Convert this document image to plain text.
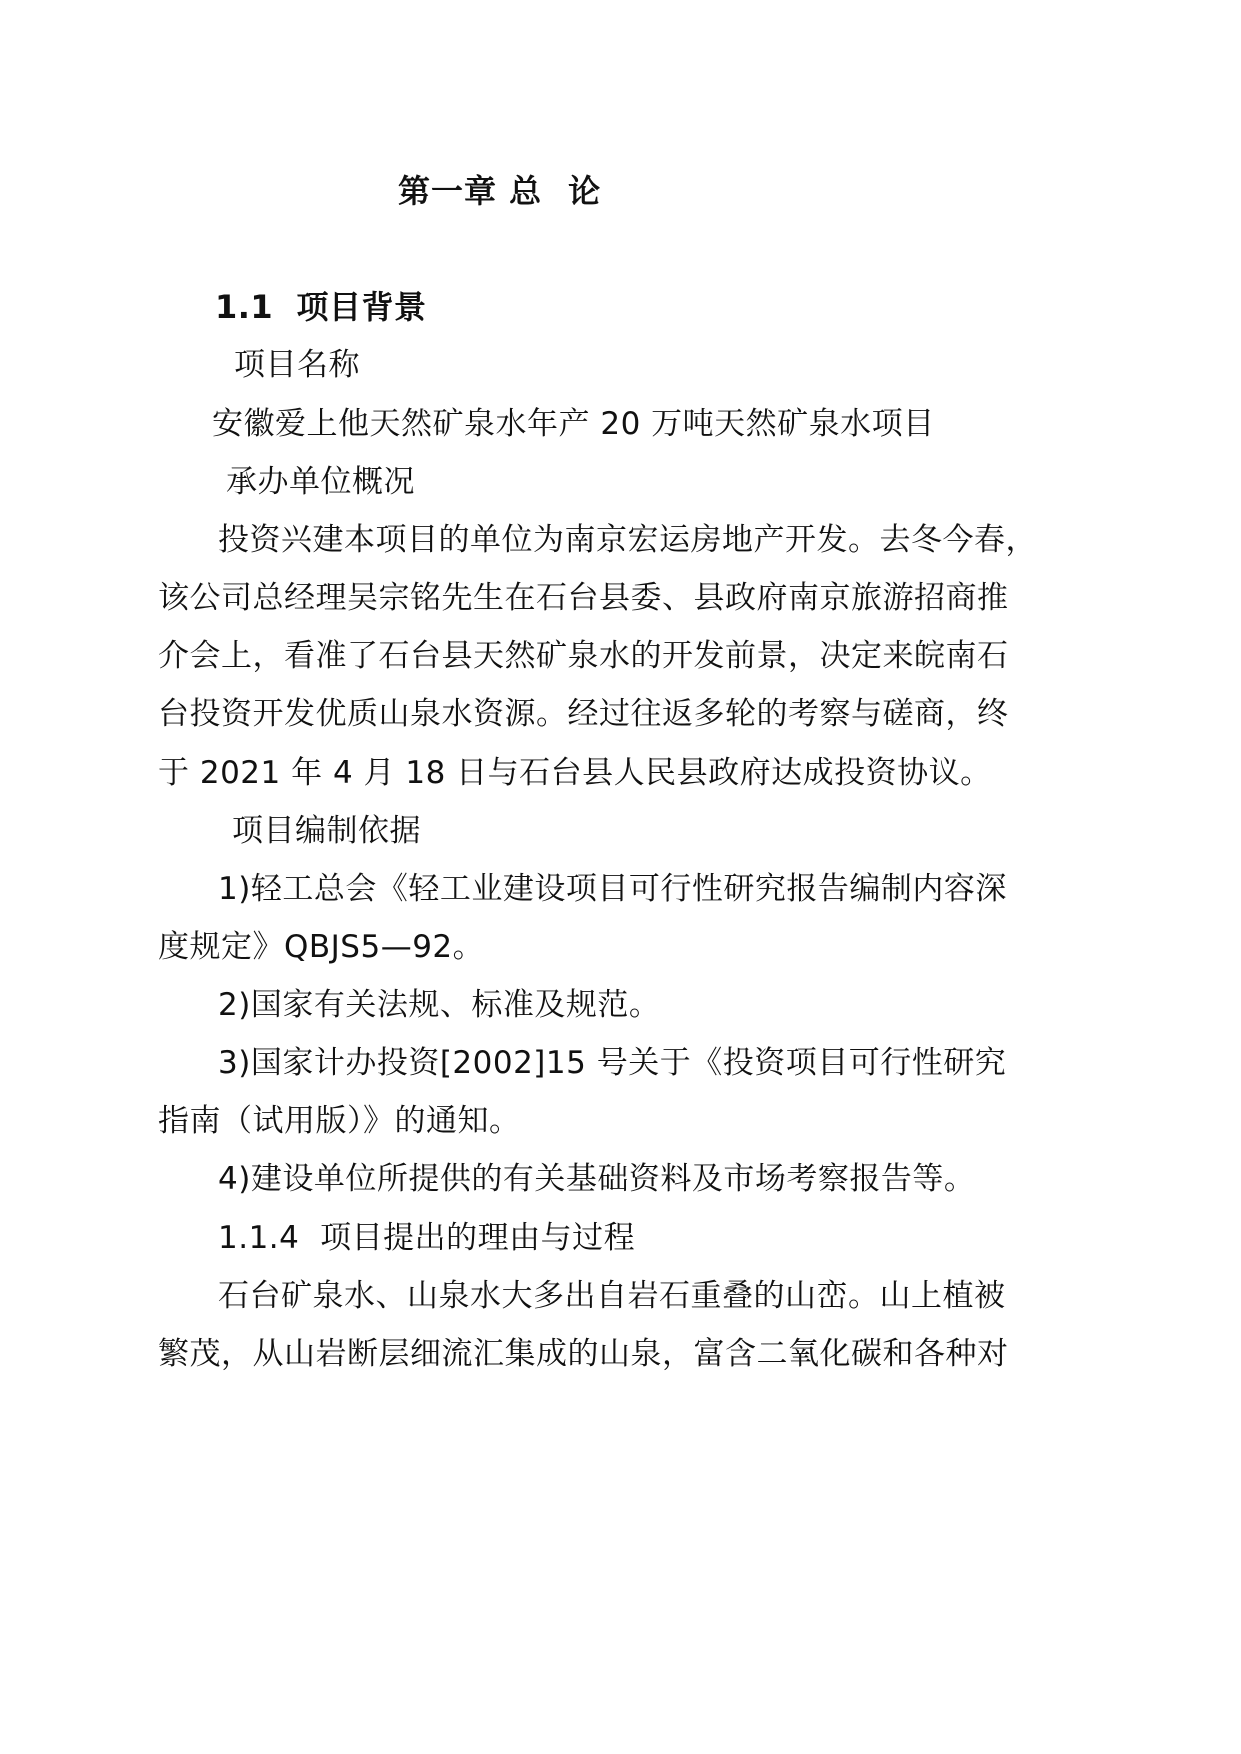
第一章 总 论
1.1 项目背景
项目名称
安徽爱上他天然矿泉水年产 20 万吨天然矿泉水项目
承办单位概况
投资兴建本项目的单位为南京宏运房地产开发。去冬今春，
该公司总经理吴宗铭先生在石台县委、县政府南京旅游招商推
介会上，看准了石台县天然矿泉水的开发前景，决定来皖南石
台投资开发优质山泉水资源。经过往返多轮的考察与磋商，终
于 2021 年 4 月 18 日与石台县人民县政府达成投资协议。
项目编制依据
1)轻工总会《轻工业建设项目可行性研究报告编制内容深
度规定》QBJS5—92。
2)国家有关法规、标准及规范。
3)国家计办投资[2002]15 号关于《投资项目可行性研究
指南（试用版）》的通知。
4)建设单位所提供的有关基础资料及市场考察报告等。
1.1.4 项目提出的理由与过程
石台矿泉水、山泉水大多出自岩石重叠的山峦。山上植被
繁茂，从山岩断层细流汇集成的山泉，富含二氧化碳和各种对
